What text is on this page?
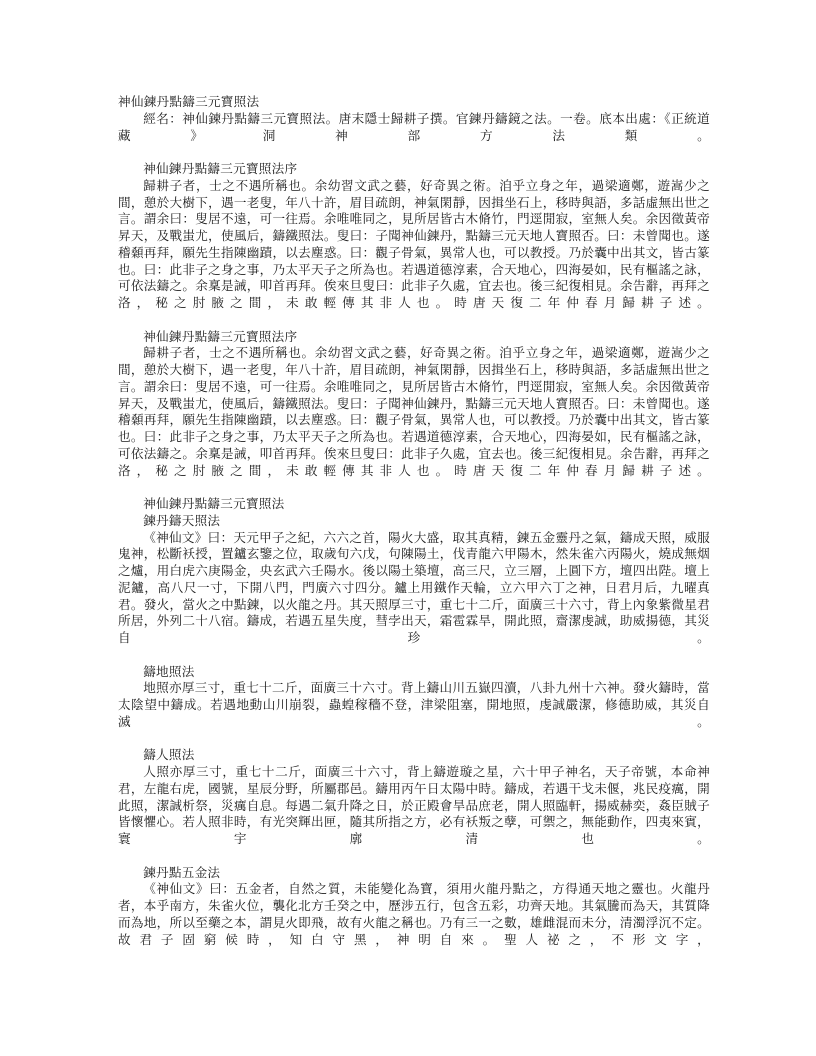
神仙鍊丹點鑄三元寶照法

經名：神仙鍊丹點鑄三元寶照法。唐末隱士歸耕子撰。官鍊丹鑄鏡之法。一卷。底本出處：《正統道藏》洞神部方法類。

神仙鍊丹點鑄三元寶照法序

歸耕子者，士之不遇所稱也。余幼習文武之藝，好奇異之術。洎乎立身之年，過梁適鄭，遊嵩少之間，憩於大樹下，遇一老叟，年八十許，眉目疏朗，神氣閑靜，因揖坐石上，移時與語，多話虛無出世之言。謂余曰：叟居不遠，可一往焉。余唯唯同之，見所居皆古木脩竹，門逕閒寂，室無人矣。余因徵黃帝昇天，及戰蚩尤，使風后，鑄鐵照法。叟曰：子聞神仙鍊丹，點鑄三元天地人寶照否。曰：未曾聞也。遂稽顙再拜，願先生指陳幽蹟，以去塵惑。曰：觀子骨氣，異常人也，可以教授。乃於囊中出其文，皆古篆也。曰：此非子之身之事，乃太平天子之所為也。若遇道德淳素，合天地心，四海晏如，民有樞謠之詠，可依法鑄之。余稟是誡，叩首再拜。俟來旦叟曰：此非子久處，宜去也。後三紀復相見。余告辭，再拜之洛，秘之肘腋之間，未敢輕傳其非人也。時唐天復二年仲春月歸耕子述。

神仙鍊丹點鑄三元寶照法序

歸耕子者，士之不遇所稱也。余幼習文武之藝，好奇異之術。洎乎立身之年，過梁適鄭，遊嵩少之間，憩於大樹下，遇一老叟，年八十許，眉目疏朗，神氣閑靜，因揖坐石上，移時與語，多話虛無出世之言。謂余曰：叟居不遠，可一往焉。余唯唯同之，見所居皆古木脩竹，門逕閒寂，室無人矣。余因徵黃帝昇天，及戰蚩尤，使風后，鑄鐵照法。叟曰：子聞神仙鍊丹，點鑄三元天地人寶照否。曰：未曾聞也。遂稽顙再拜，願先生指陳幽蹟，以去塵惑。曰：觀子骨氣，異常人也，可以教授。乃於囊中出其文，皆古篆也。曰：此非子之身之事，乃太平天子之所為也。若遇道德淳素，合天地心，四海晏如，民有樞謠之詠，可依法鑄之。余稟是誡，叩首再拜。俟來旦叟曰：此非子久處，宜去也。後三紀復相見。余告辭，再拜之洛，秘之肘腋之間，未敢輕傳其非人也。時唐天復二年仲春月歸耕子述。

神仙鍊丹點鑄三元寶照法

鍊丹鑄天照法

《神仙文》曰：天元甲子之紀，六六之首，陽火大盛，取其真精，鍊五金靈丹之氣，鑄成天照，威服鬼神，松斷袄授，置鑪玄鑒之位，取歲旬六戊，句陳陽土，伐青龍六甲陽木，然朱雀六丙陽火，燒成無烟之爐，用白虎六庚陽金，央玄武六壬陽水。後以陽土築壇，高三尺，立三層，上圓下方，壇四出陛。壇上泥鑪，高八尺一寸，下開八門，門廣六寸四分。鑪上用鐵作天輪，立六甲六丁之神，日君月后，九曜真君。發火，當火之中點鍊，以火龍之丹。其天照厚三寸，重七十二斤，面廣三十六寸，背上內象紫微星君所居，外列二十八宿。鑄成，若遇五星失度，彗孛出天，霜雹霖旱，開此照，齋潔虔誠，助威揚德，其災自珍。

鑄地照法

地照亦厚三寸，重七十二斤，面廣三十六寸。背上鑄山川五嶽四瀆，八卦九州十六神。發火鑄時，當太陰望中鑄成。若遇地動山川崩裂，蟲蝗稼穡不登，津梁阻塞，開地照，虔誠嚴潔，修德助威，其災自滅。

鑄人照法

人照亦厚三寸，重七十二斤，面廣三十六寸，背上鑄遊璇之星，六十甲子神名，天子帝號，本命神君，左龍右虎，國號，星辰分野，所屬郡邑。鑄用丙午日太陽中時。鑄成，若遇干戈未偃，兆民疫癘，開此照，潔誠析祭，災癘自息。每遇二氣升降之日，於正殿會旱品庶老，開人照臨軒，揚威赫奕，姦臣賊子皆懷懼心。若人照非時，有光突輝出匣，隨其所指之方，必有袄叛之孽，可禦之，無能動作，四夷來賓，寰宇廓清也。

鍊丹點五金法

《神仙文》曰：五金者，自然之質，未能變化為寶，須用火龍丹點之，方得通天地之靈也。火龍丹者，本乎南方，朱雀火位，襲化北方壬癸之中，歷涉五行，包含五彩，功齊天地。其氣騰而為天，其質降而為地，所以至藥之本，謂見火即飛，故有火龍之稱也。乃有三一之數，雄雌混而未分，清濁浮沉不定。故君子固窮候時，知白守黑，神明自來。聖人祕之，不形文字，
